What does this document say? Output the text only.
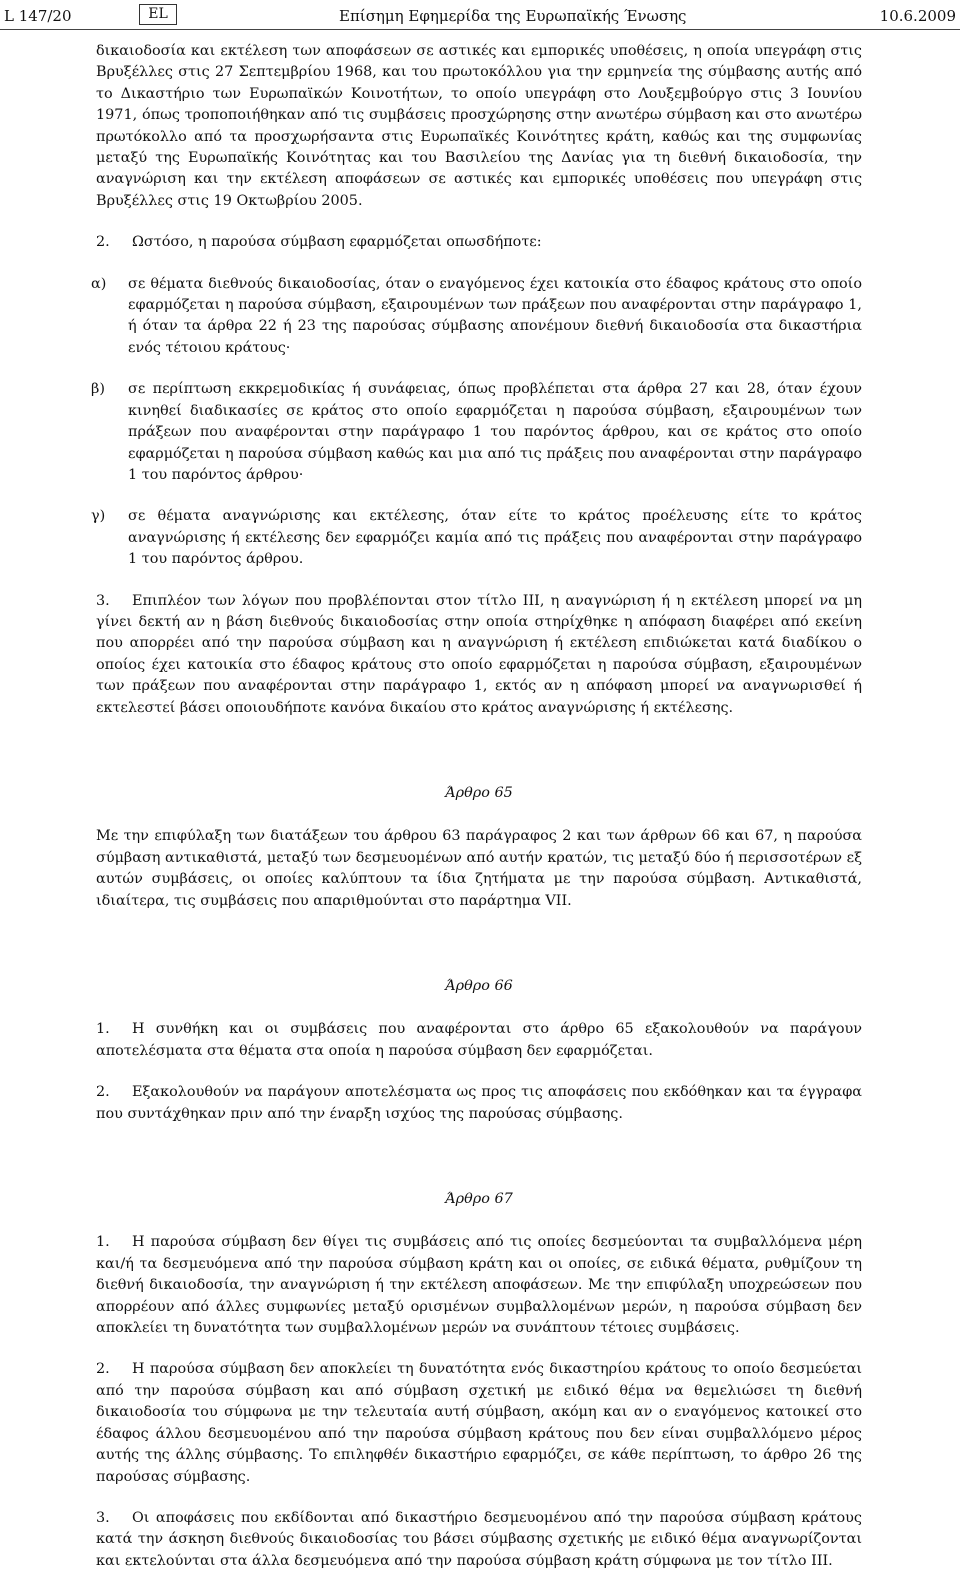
L 147/20	EL	Επίσημη Εφημερίδα της Ευρωπαϊκής Ένωσης	10.6.2009

δικαιοδοσία και εκτέλεση των αποφάσεων σε αστικές και εμπορικές υποθέσεις, η οποία υπεγράφη στις Βρυξέλλες στις 27 Σεπτεμβρίου 1968, και του πρωτοκόλλου για την ερμηνεία της σύμβασης αυτής από το Δικαστήριο των Ευρωπαϊκών Κοινοτήτων, το οποίο υπεγράφη στο Λουξεμβούργο στις 3 Ιουνίου 1971, όπως τροποποιήθηκαν από τις συμβάσεις προσχώρησης στην ανωτέρω σύμβαση και στο ανωτέρω πρωτόκολλο από τα προσχωρήσαντα στις Ευρωπαϊκές Κοινότητες κράτη, καθώς και της συμφωνίας μεταξύ της Ευρωπαϊκής Κοινότητας και του Βασιλείου της Δανίας για τη διεθνή δικαιοδοσία, την αναγνώριση και την εκτέλεση αποφάσεων σε αστικές και εμπορικές υποθέσεις που υπεγράφη στις Βρυξέλλες στις 19 Οκτωβρίου 2005.

2. Ωστόσο, η παρούσα σύμβαση εφαρμόζεται οπωσδήποτε:

α)	σε θέματα διεθνούς δικαιοδοσίας, όταν ο εναγόμενος έχει κατοικία στο έδαφος κράτους στο οποίο εφαρμόζεται η παρούσα σύμβαση, εξαιρουμένων των πράξεων που αναφέρονται στην παράγραφο 1, ή όταν τα άρθρα 22 ή 23 της παρούσας σύμβασης απονέμουν διεθνή δικαιοδοσία στα δικαστήρια ενός τέτοιου κράτους·

β)	σε περίπτωση εκκρεμοδικίας ή συνάφειας, όπως προβλέπεται στα άρθρα 27 και 28, όταν έχουν κινηθεί διαδικασίες σε κράτος στο οποίο εφαρμόζεται η παρούσα σύμβαση, εξαιρουμένων των πράξεων που αναφέρονται στην παράγραφο 1 του παρόντος άρθρου, και σε κράτος στο οποίο εφαρμόζεται η παρούσα σύμβαση καθώς και μια από τις πράξεις που αναφέρονται στην παράγραφο 1 του παρόντος άρθρου·

γ)	σε θέματα αναγνώρισης και εκτέλεσης, όταν είτε το κράτος προέλευσης είτε το κράτος αναγνώρισης ή εκτέλεσης δεν εφαρμόζει καμία από τις πράξεις που αναφέρονται στην παράγραφο 1 του παρόντος άρθρου.

3. Επιπλέον των λόγων που προβλέπονται στον τίτλο III, η αναγνώριση ή η εκτέλεση μπορεί να μη γίνει δεκτή αν η βάση διεθνούς δικαιοδοσίας στην οποία στηρίχθηκε η απόφαση διαφέρει από εκείνη που απορρέει από την παρούσα σύμβαση και η αναγνώριση ή εκτέλεση επιδιώκεται κατά διαδίκου ο οποίος έχει κατοικία στο έδαφος κράτους στο οποίο εφαρμόζεται η παρούσα σύμβαση, εξαιρουμένων των πράξεων που αναφέρονται στην παράγραφο 1, εκτός αν η απόφαση μπορεί να αναγνωρισθεί ή εκτελεστεί βάσει οποιουδήποτε κανόνα δικαίου στο κράτος αναγνώρισης ή εκτέλεσης.

Άρθρο 65

Με την επιφύλαξη των διατάξεων του άρθρου 63 παράγραφος 2 και των άρθρων 66 και 67, η παρούσα σύμβαση αντικαθιστά, μεταξύ των δεσμευομένων από αυτήν κρατών, τις μεταξύ δύο ή περισσοτέρων εξ αυτών συμβάσεις, οι οποίες καλύπτουν τα ίδια ζητήματα με την παρούσα σύμβαση. Αντικαθιστά, ιδιαίτερα, τις συμβάσεις που απαριθμούνται στο παράρτημα VII.

Άρθρο 66

1. Η συνθήκη και οι συμβάσεις που αναφέρονται στο άρθρο 65 εξακολουθούν να παράγουν αποτελέσματα στα θέματα στα οποία η παρούσα σύμβαση δεν εφαρμόζεται.

2. Εξακολουθούν να παράγουν αποτελέσματα ως προς τις αποφάσεις που εκδόθηκαν και τα έγγραφα που συντάχθηκαν πριν από την έναρξη ισχύος της παρούσας σύμβασης.

Άρθρο 67

1. Η παρούσα σύμβαση δεν θίγει τις συμβάσεις από τις οποίες δεσμεύονται τα συμβαλλόμενα μέρη και/ή τα δεσμευόμενα από την παρούσα σύμβαση κράτη και οι οποίες, σε ειδικά θέματα, ρυθμίζουν τη διεθνή δικαιοδοσία, την αναγνώριση ή την εκτέλεση αποφάσεων. Με την επιφύλαξη υποχρεώσεων που απορρέουν από άλλες συμφωνίες μεταξύ ορισμένων συμβαλλομένων μερών, η παρούσα σύμβαση δεν αποκλείει τη δυνατότητα των συμβαλλομένων μερών να συνάπτουν τέτοιες συμβάσεις.

2. Η παρούσα σύμβαση δεν αποκλείει τη δυνατότητα ενός δικαστηρίου κράτους το οποίο δεσμεύεται από την παρούσα σύμβαση και από σύμβαση σχετική με ειδικό θέμα να θεμελιώσει τη διεθνή δικαιοδοσία του σύμφωνα με την τελευταία αυτή σύμβαση, ακόμη και αν ο εναγόμενος κατοικεί στο έδαφος άλλου δεσμευομένου από την παρούσα σύμβαση κράτους που δεν είναι συμβαλλόμενο μέρος αυτής της άλλης σύμβασης. Το επιληφθέν δικαστήριο εφαρμόζει, σε κάθε περίπτωση, το άρθρο 26 της παρούσας σύμβασης.

3. Οι αποφάσεις που εκδίδονται από δικαστήριο δεσμευομένου από την παρούσα σύμβαση κράτους κατά την άσκηση διεθνούς δικαιοδοσίας του βάσει σύμβασης σχετικής με ειδικό θέμα αναγνωρίζονται και εκτελούνται στα άλλα δεσμευόμενα από την παρούσα σύμβαση κράτη σύμφωνα με τον τίτλο III.
